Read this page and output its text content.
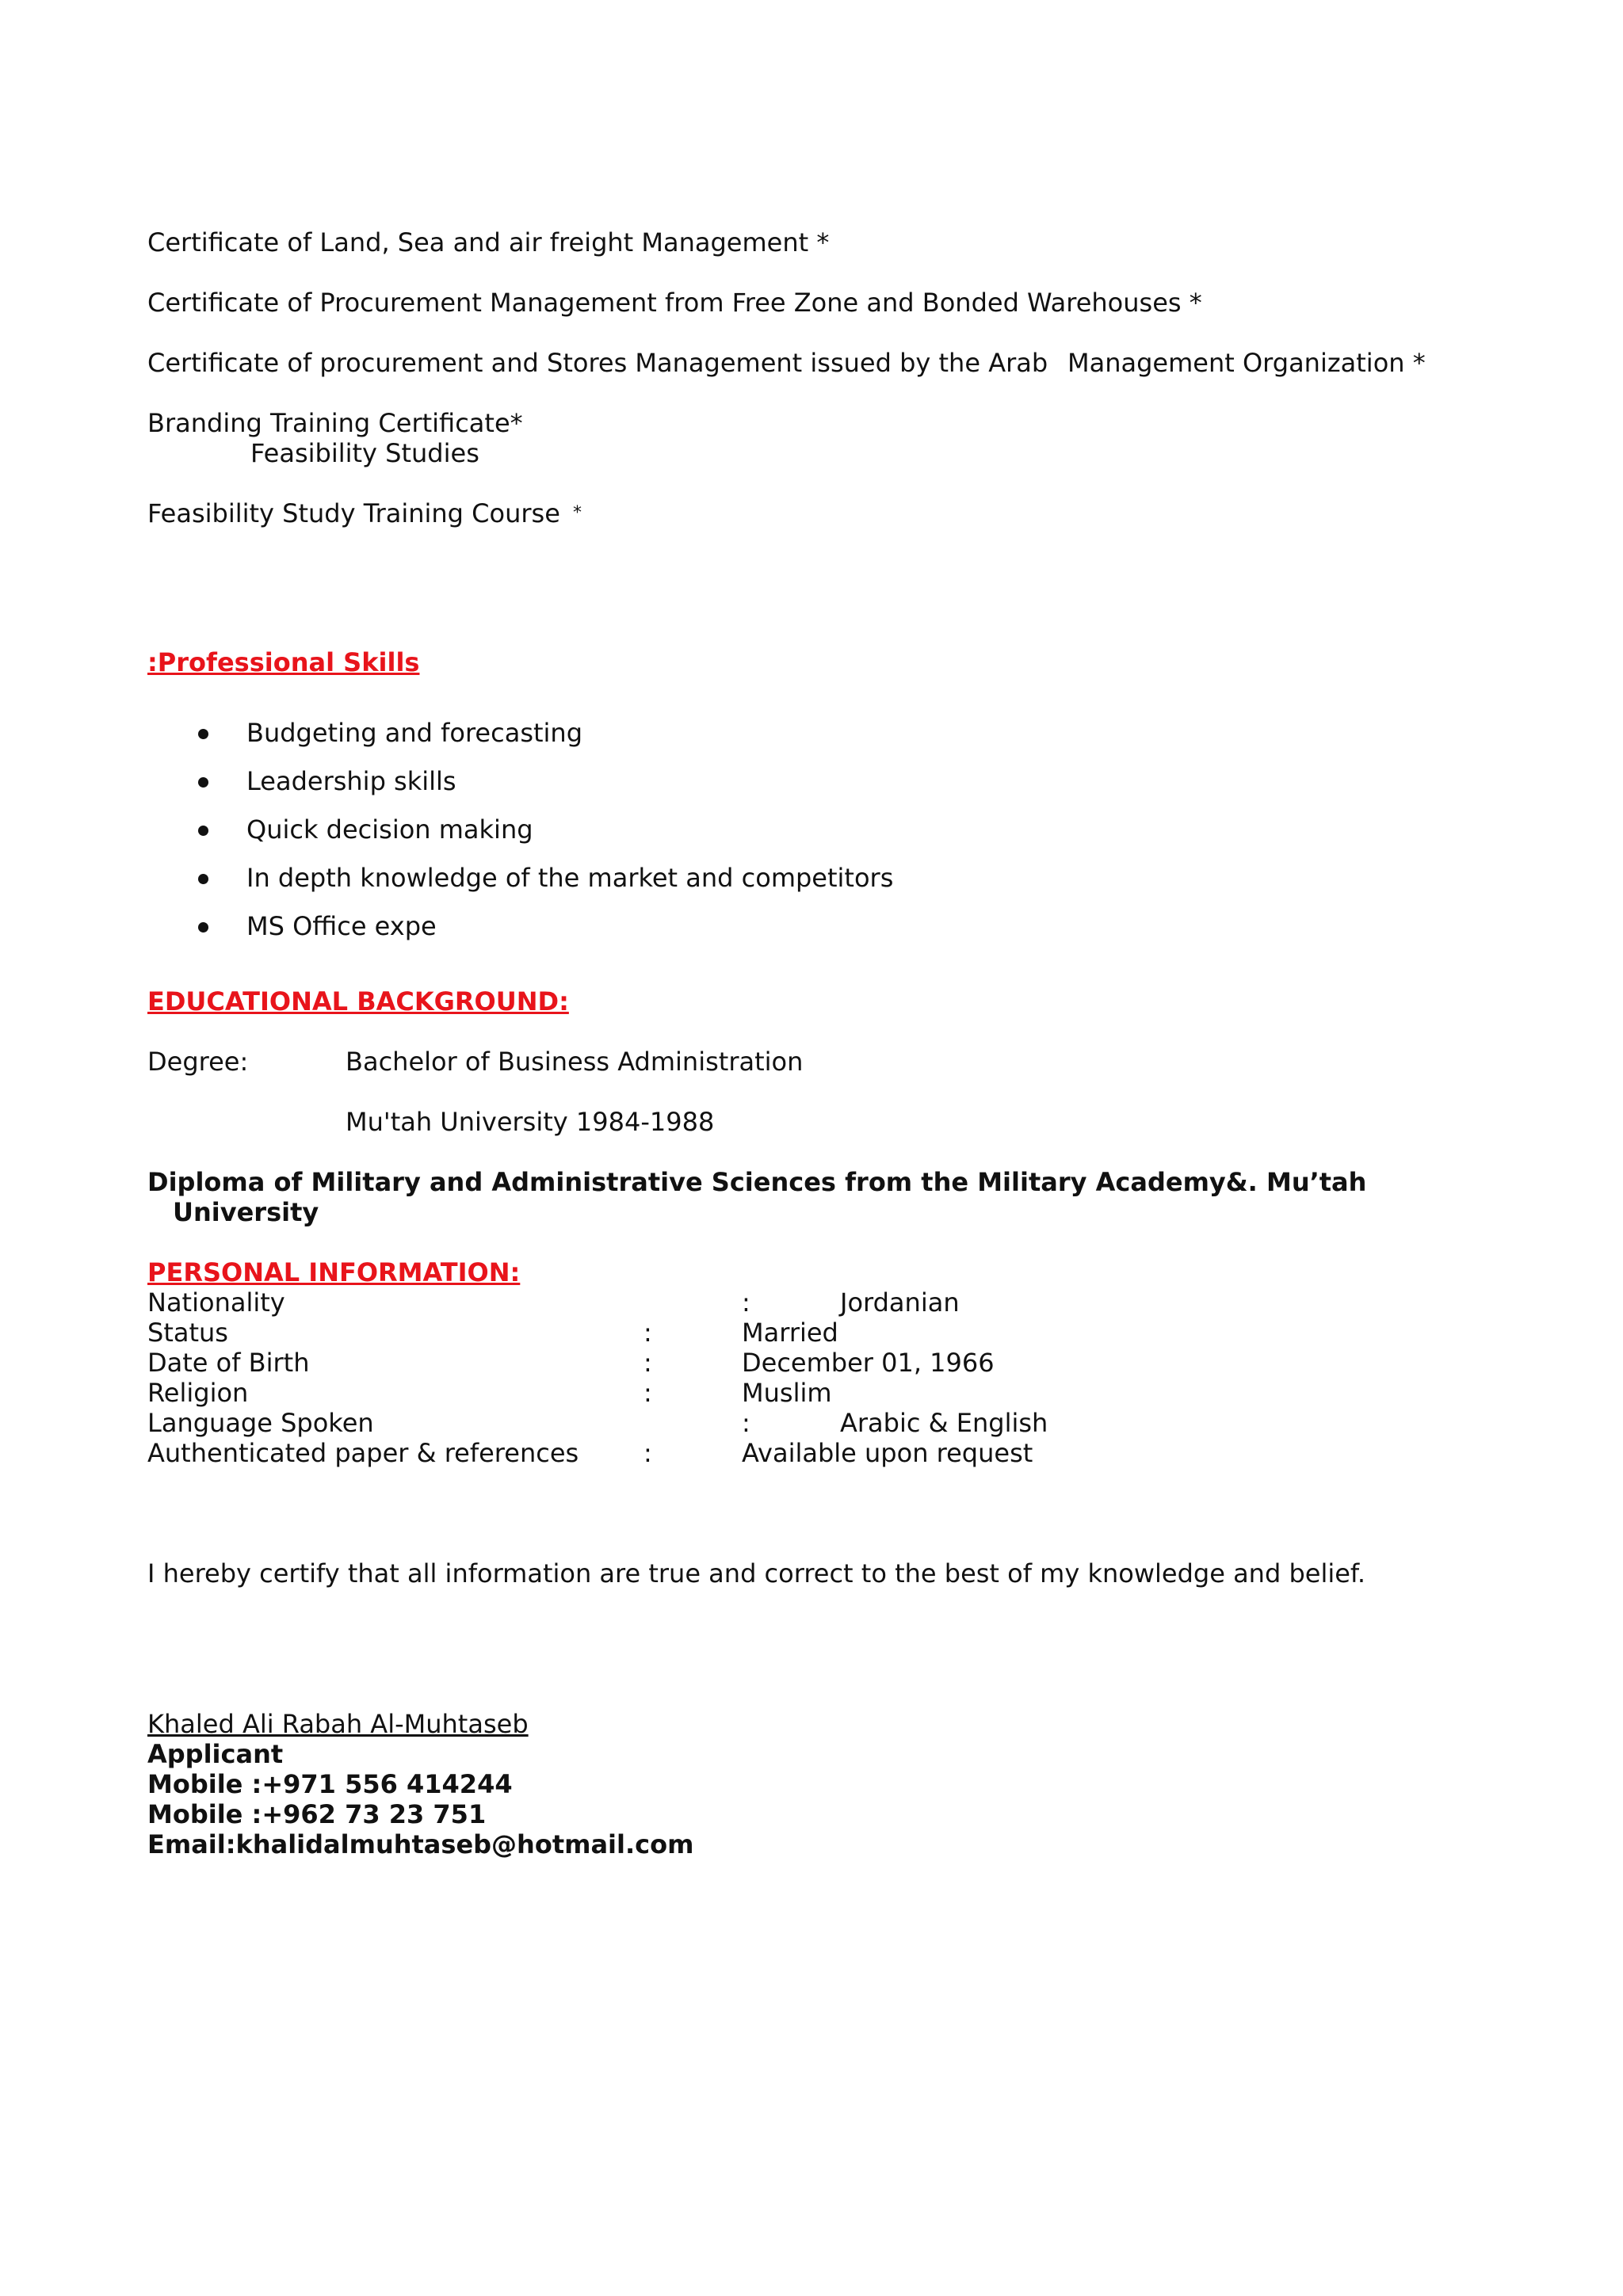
Certificate of Land, Sea and air freight Management *
Certificate of Procurement Management from Free Zone and Bonded Warehouses *
Certificate of procurement and Stores Management issued by the Arab Management Organization *
Branding Training Certificate*
Feasibility Studies
Feasibility Study Training Course *
:Professional Skills
Budgeting and forecasting
Leadership skills
Quick decision making
In depth knowledge of the market and competitors
MS Office expe
EDUCATIONAL BACKGROUND:
Degree:	Bachelor of Business Administration
Mu'tah University 1984-1988
Diploma of Military and Administrative Sciences from the Military Academy&. Mu’tah
University
PERSONAL INFORMATION:
Nationality	:	Jordanian
Status	:	Married
Date of Birth	:	December 01, 1966
Religion	:	Muslim
Language Spoken	:	Arabic & English
Authenticated paper & references	:	Available upon request
I hereby certify that all information are true and correct to the best of my knowledge and belief.
Khaled Ali Rabah Al-Muhtaseb
Applicant
Mobile :+971 556 414244
Mobile :+962 73 23 751
Email:khalidalmuhtaseb@hotmail.com
